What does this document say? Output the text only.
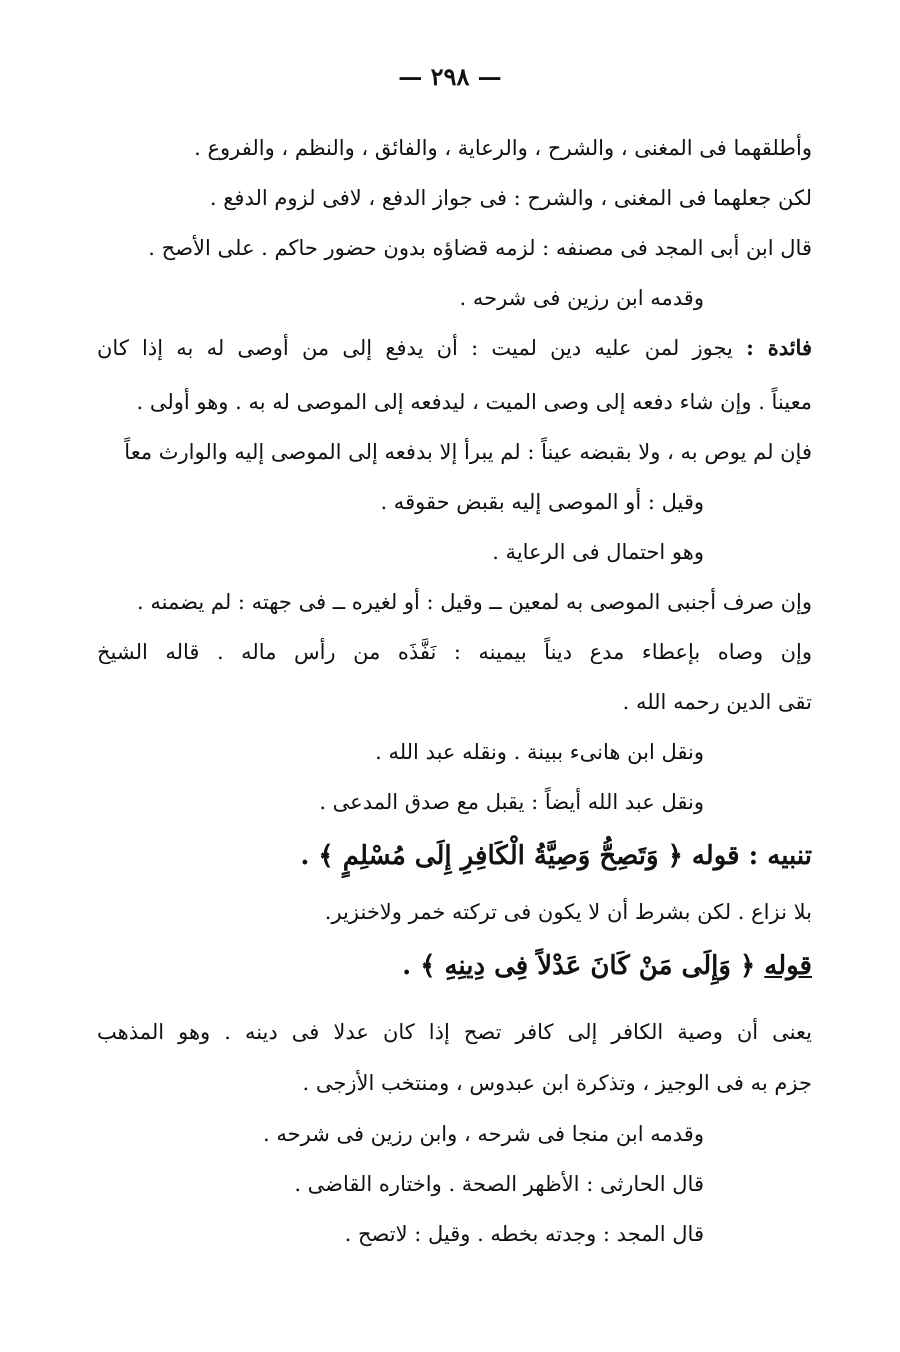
— ٢٩٨ —
وأطلقهما فى المغنى ، والشرح ، والرعاية ، والفائق ، والنظم ، والفروع .
لكن جعلهما فى المغنى ، والشرح : فى جواز الدفع ، لافى لزوم الدفع .
قال ابن أبى المجد فى مصنفه : لزمه قضاؤه بدون حضور حاكم . على الأصح .
وقدمه ابن رزين فى شرحه .
فائدة : يجوز لمن عليه دين لميت : أن يدفع إلى من أوصى له به إذا كان
معيناً . وإن شاء دفعه إلى وصى الميت ، ليدفعه إلى الموصى له به . وهو أولى .
فإن لم يوص به ، ولا بقبضه عيناً : لم يبرأ إلا بدفعه إلى الموصى إليه والوارث معاً
وقيل : أو الموصى إليه بقبض حقوقه .
وهو احتمال فى الرعاية .
وإن صرف أجنبى الموصى به لمعين ــ وقيل : أو لغيره ــ فى جهته : لم يضمنه .
وإن وصاه بإعطاء مدع ديناً بيمينه : نَفَّذَه من رأس ماله . قاله الشيخ
تقى الدين رحمه الله .
ونقل ابن هانىء ببينة . ونقله عبد الله .
ونقل عبد الله أيضاً : يقبل مع صدق المدعى .
تنبيه : قوله ﴿ وَتَصِحُّ وَصِيَّةُ الْكَافِرِ إِلَى مُسْلِمٍ ﴾ .
بلا نزاع . لكن بشرط أن لا يكون فى تركته خمر ولاخنزير.
قوله ﴿ وَإِلَى مَنْ كَانَ عَدْلاً فِى دِينِهِ ﴾ .
يعنى أن وصية الكافر إلى كافر تصح إذا كان عدلا فى دينه . وهو المذهب
جزم به فى الوجيز ، وتذكرة ابن عبدوس ، ومنتخب الأزجى .
وقدمه ابن منجا فى شرحه ، وابن رزين فى شرحه .
قال الحارثى : الأظهر الصحة . واختاره القاضى .
قال المجد : وجدته بخطه . وقيل : لاتصح .
